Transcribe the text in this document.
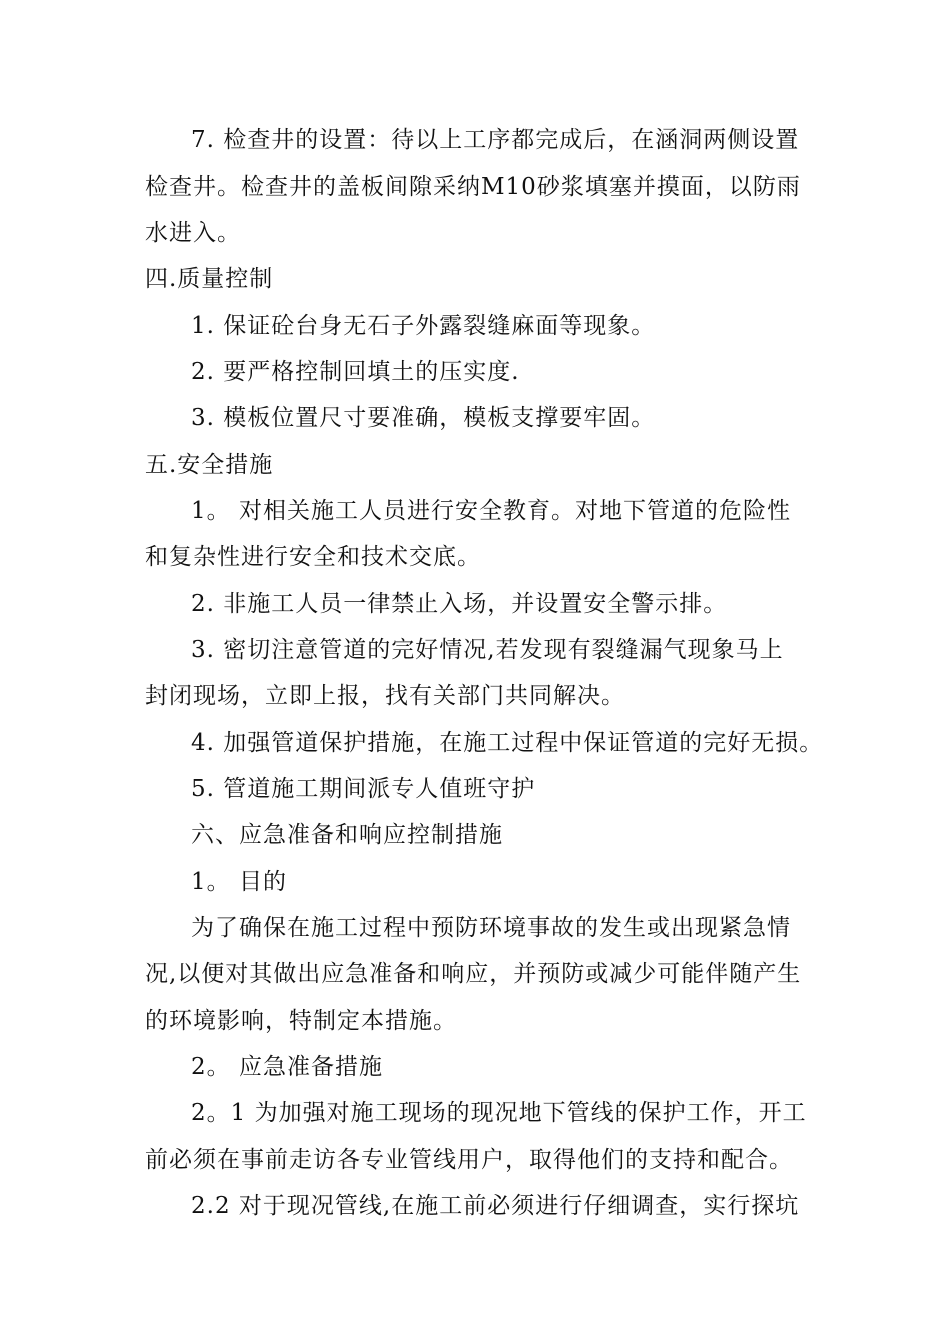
7. 检查井的设置：待以上工序都完成后，在涵洞两侧设置
检查井。检查井的盖板间隙采纳M10砂浆填塞并摸面，以防雨
水进入。
四.质量控制
1. 保证砼台身无石子外露裂缝麻面等现象。
2. 要严格控制回填土的压实度.
3. 模板位置尺寸要准确，模板支撑要牢固。
五.安全措施
1。 对相关施工人员进行安全教育。对地下管道的危险性
和复杂性进行安全和技术交底。
2. 非施工人员一律禁止入场，并设置安全警示排。
3. 密切注意管道的完好情况,若发现有裂缝漏气现象马上
封闭现场，立即上报，找有关部门共同解决。
4. 加强管道保护措施，在施工过程中保证管道的完好无损。
5. 管道施工期间派专人值班守护
六、应急准备和响应控制措施
1。 目的
为了确保在施工过程中预防环境事故的发生或出现紧急情
况,以便对其做出应急准备和响应，并预防或减少可能伴随产生
的环境影响，特制定本措施。
2。 应急准备措施
2。1 为加强对施工现场的现况地下管线的保护工作，开工
前必须在事前走访各专业管线用户，取得他们的支持和配合。
2.2 对于现况管线,在施工前必须进行仔细调查，实行探坑
